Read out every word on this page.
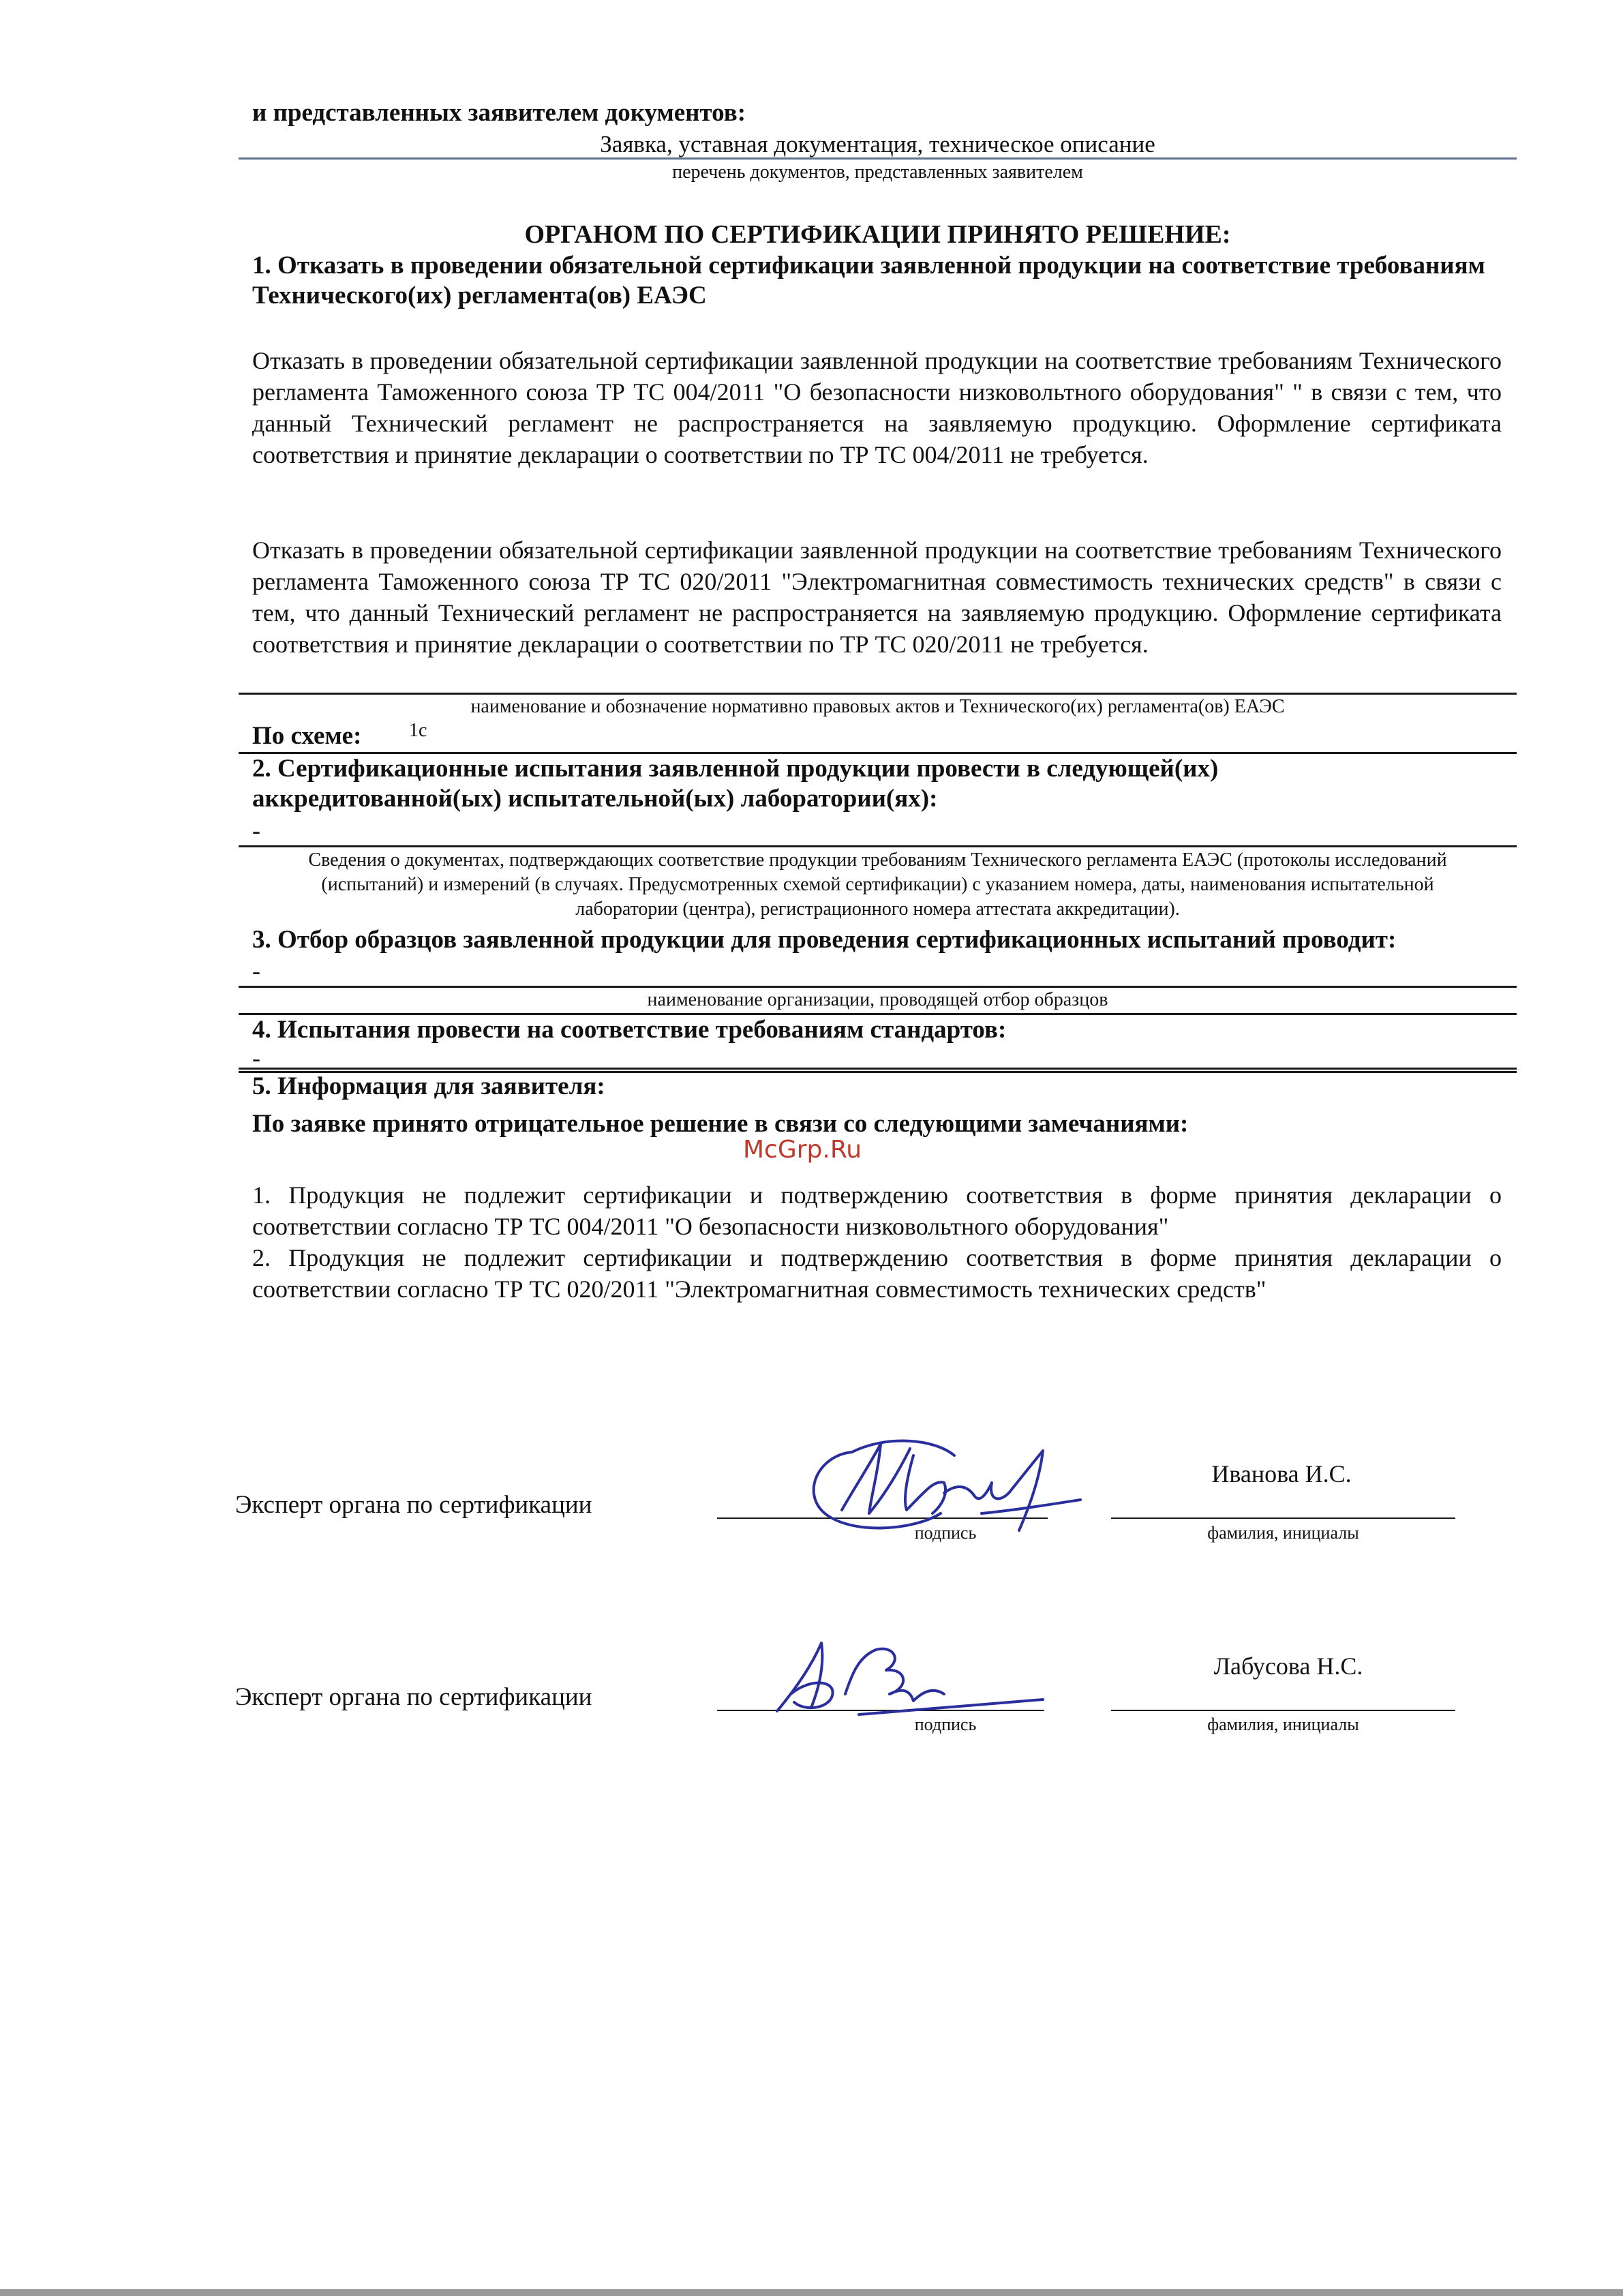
и представленных заявителем документов:
Заявка, уставная документация, техническое описание
перечень документов, представленных заявителем
ОРГАНОМ ПО СЕРТИФИКАЦИИ ПРИНЯТО РЕШЕНИЕ:
1. Отказать в проведении обязательной сертификации заявленной продукции на соответствие требованиям Технического(их) регламента(ов) ЕАЭС
Отказать в проведении обязательной сертификации заявленной продукции на соответствие требованиям Технического регламента Таможенного союза ТР ТС 004/2011 "О безопасности низковольтного оборудования" " в связи с тем, что данный Технический регламент не распространяется на заявляемую продукцию. Оформление сертификата соответствия и принятие декларации о соответствии по ТР ТС 004/2011 не требуется.
Отказать в проведении обязательной сертификации заявленной продукции на соответствие требованиям Технического регламента Таможенного союза ТР ТС 020/2011 "Электромагнитная совместимость технических средств" в связи с тем, что данный Технический регламент не распространяется на заявляемую продукцию. Оформление сертификата соответствия и принятие декларации о соответствии по ТР ТС 020/2011 не требуется.
наименование и обозначение нормативно правовых актов и Технического(их) регламента(ов) ЕАЭС
По схеме:	1с
2. Сертификационные испытания заявленной продукции провести в следующей(их) аккредитованной(ых) испытательной(ых) лаборатории(ях):
-
Сведения о документах, подтверждающих соответствие продукции требованиям Технического регламента ЕАЭС (протоколы исследований (испытаний) и измерений (в случаях. Предусмотренных схемой сертификации) с указанием номера, даты, наименования испытательной лаборатории (центра), регистрационного номера аттестата аккредитации).
3. Отбор образцов заявленной продукции для проведения сертификационных испытаний проводит:
-
наименование организации, проводящей отбор образцов
4. Испытания провести на соответствие требованиям стандартов:
-
5. Информация для заявителя:
По заявке принято отрицательное решение в связи со следующими замечаниями:
McGrp.Ru
1. Продукция не подлежит сертификации и подтверждению соответствия в форме принятия декларации о соответствии согласно ТР ТС 004/2011 "О безопасности низковольтного оборудования"
2. Продукция не подлежит сертификации и подтверждению соответствия в форме принятия декларации о соответствии согласно ТР ТС 020/2011 "Электромагнитная совместимость технических средств"
Эксперт органа по сертификации
подпись
Иванова И.С.
фамилия, инициалы
Эксперт органа по сертификации
подпись
Лабусова Н.С.
фамилия, инициалы
